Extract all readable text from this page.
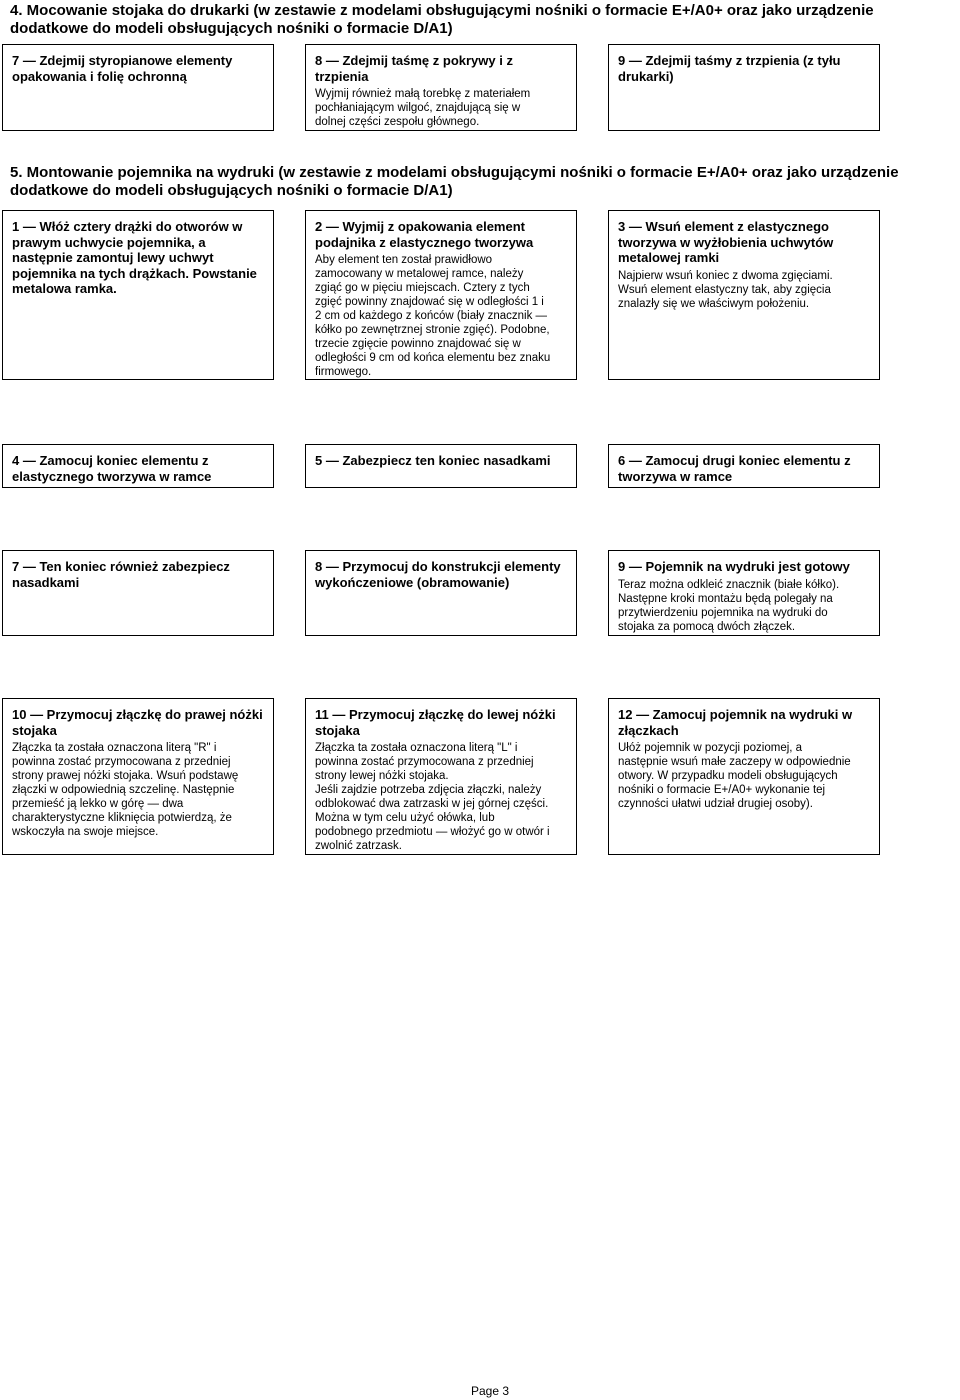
4. Mocowanie stojaka do drukarki (w zestawie z modelami obsługującymi nośniki o formacie E+/A0+ oraz jako urządzenie dodatkowe do modeli obsługujących nośniki o formacie D/A1)

7 — Zdejmij styropianowe elementy opakowania i folię ochronną

8 — Zdejmij taśmę z pokrywy i z
trzpienia

Wyjmij również małą torebkę z materiałem
pochłaniającym wilgoć, znajdującą się w
dolnej części zespołu głównego.

9 — Zdejmij taśmy z trzpienia (z tyłu
drukarki)

5. Montowanie pojemnika na wydruki (w zestawie z modelami obsługującymi nośniki o formacie E+/A0+ oraz jako urządzenie dodatkowe do modeli obsługujących nośniki o formacie D/A1)

1 — Włóż cztery drążki do otworów w
prawym uchwycie pojemnika, a
następnie zamontuj lewy uchwyt
pojemnika na tych drążkach. Powstanie
metalowa ramka.

2 — Wyjmij z opakowania element
podajnika z elastycznego tworzywa

Aby element ten został prawidłowo
zamocowany w metalowej ramce, należy
zgiąć go w pięciu miejscach. Cztery z tych
zgięć powinny znajdować się w odległości 1 i
2 cm od każdego z końców (biały znacznik —
kółko po zewnętrznej stronie zgięć). Podobne,
trzecie zgięcie powinno znajdować się w
odległości 9 cm od końca elementu bez znaku
firmowego.

3 — Wsuń element z elastycznego
tworzywa w wyżłobienia uchwytów
metalowej ramki

Najpierw wsuń koniec z dwoma zgięciami.
Wsuń element elastyczny tak, aby zgięcia
znalazły się we właściwym położeniu.

4 — Zamocuj koniec elementu z
elastycznego tworzywa w ramce

5 — Zabezpiecz ten koniec nasadkami	6 — Zamocuj drugi koniec elementu z
tworzywa w ramce

7 — Ten koniec również zabezpiecz
nasadkami

8 — Przymocuj do konstrukcji elementy
wykończeniowe (obramowanie)

9 — Pojemnik na wydruki jest gotowy

Teraz można odkleić znacznik (białe kółko).
Następne kroki montażu będą polegały na
przytwierdzeniu pojemnika na wydruki do
stojaka za pomocą dwóch złączek.

10 — Przymocuj złączkę do prawej nóżki
stojaka

Złączka ta została oznaczona literą "R" i
powinna zostać przymocowana z przedniej
strony prawej nóżki stojaka. Wsuń podstawę
złączki w odpowiednią szczelinę. Następnie
przemieść ją lekko w górę — dwa
charakterystyczne kliknięcia potwierdzą, że
wskoczyła na swoje miejsce.

11 — Przymocuj złączkę do lewej nóżki
stojaka

Złączka ta została oznaczona literą "L" i
powinna zostać przymocowana z przedniej
strony lewej nóżki stojaka.
Jeśli zajdzie potrzeba zdjęcia złączki, należy
odblokować dwa zatrzaski w jej górnej części.
Można w tym celu użyć ołówka, lub
podobnego przedmiotu — włożyć go w otwór i
zwolnić zatrzask.

12 — Zamocuj pojemnik na wydruki w
złączkach

Ułóż pojemnik w pozycji poziomej, a
następnie wsuń małe zaczepy w odpowiednie
otwory. W przypadku modeli obsługujących
nośniki o formacie E+/A0+ wykonanie tej
czynności ułatwi udział drugiej osoby).

Page 3
